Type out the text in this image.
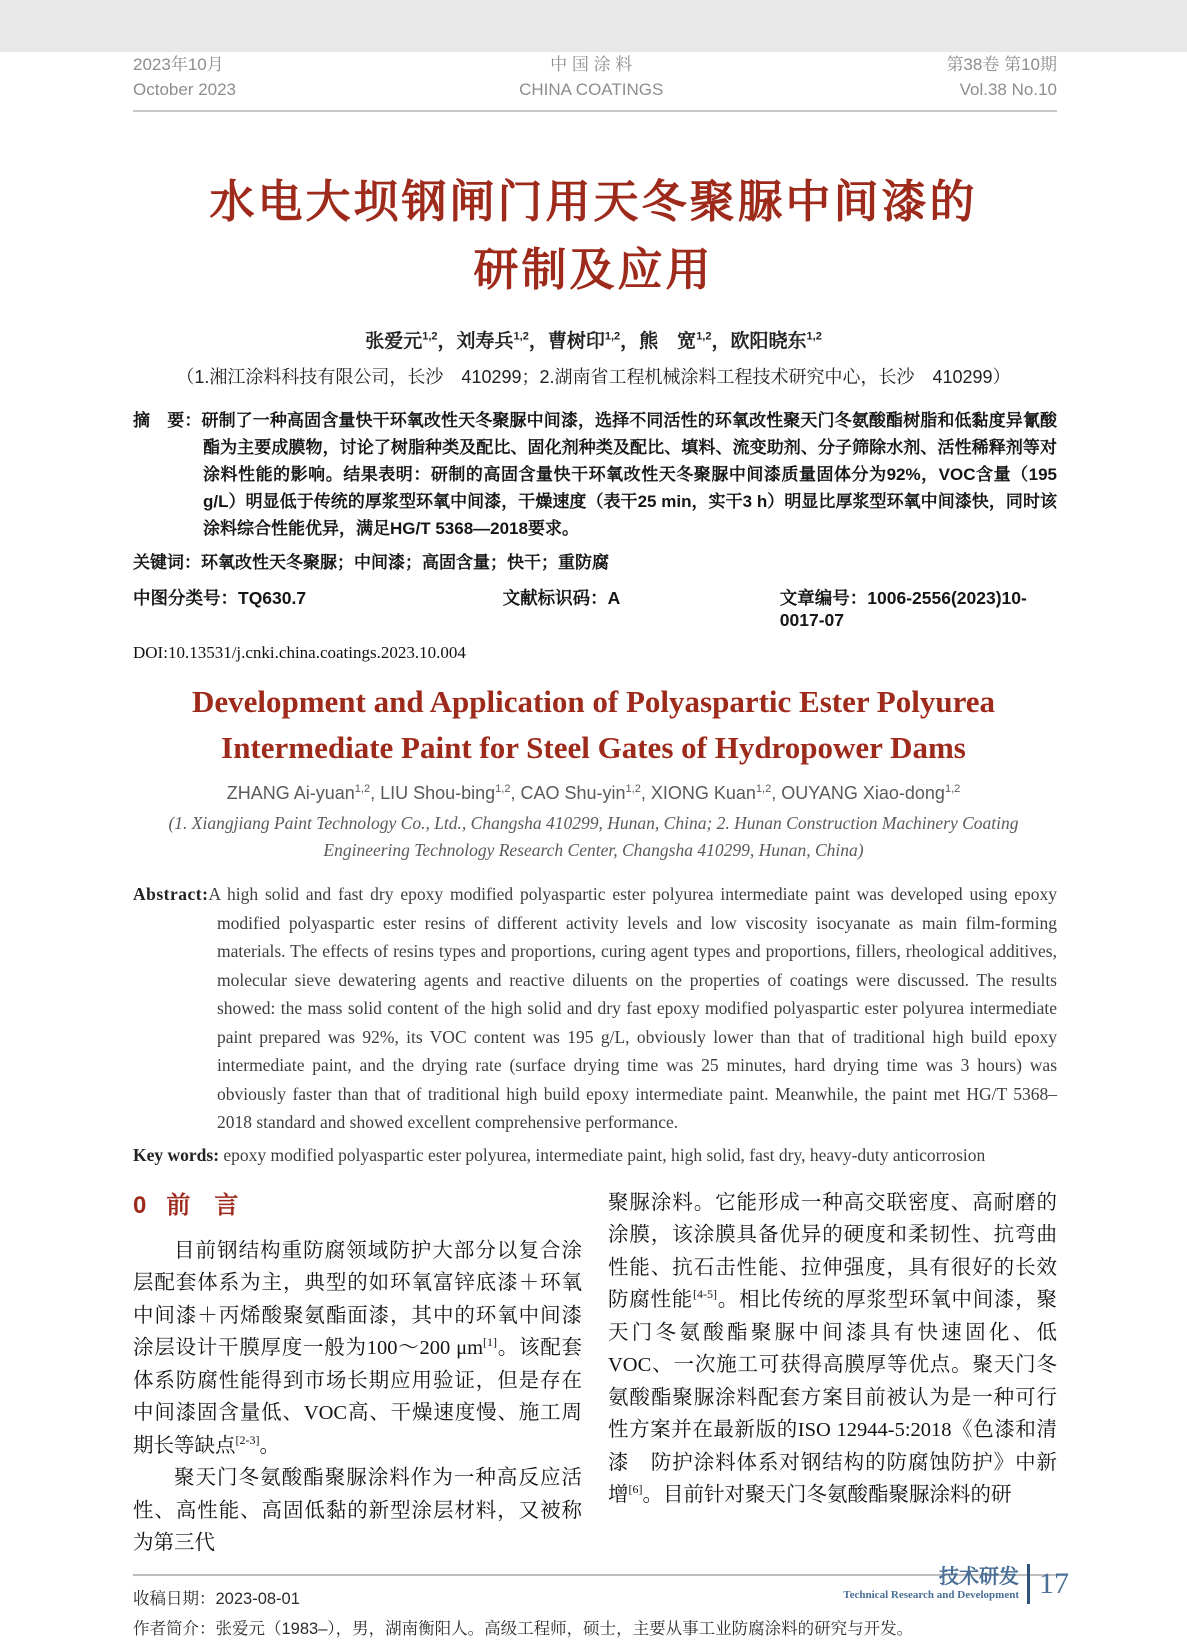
2023年10月
October 2023
中 国 涂 料
CHINA COATINGS
第38卷 第10期
Vol.38 No.10
水电大坝钢闸门用天冬聚脲中间漆的
研制及应用
张爱元$^{1,2}$，刘寿兵$^{1,2}$，曹树印$^{1,2}$，熊　宽$^{1,2}$，欧阳晓东$^{1,2}$
（1.湘江涂料科技有限公司，长沙　410299；2.湖南省工程机械涂料工程技术研究中心，长沙　410299）

摘　要：研制了一种高固含量快干环氧改性天冬聚脲中间漆，选择不同活性的环氧改性聚天门冬氨酸酯树脂和低黏度异氰酸酯为主要成膜物，讨论了树脂种类及配比、固化剂种类及配比、填料、流变助剂、分子筛除水剂、活性稀释剂等对涂料性能的影响。结果表明：研制的高固含量快干环氧改性天冬聚脲中间漆质量固体分为92%，VOC含量（195 g/L）明显低于传统的厚浆型环氧中间漆，干燥速度（表干25 min，实干3 h）明显比厚浆型环氧中间漆快，同时该涂料综合性能优异，满足HG/T 5368—2018要求。

关键词：环氧改性天冬聚脲；中间漆；高固含量；快干；重防腐

中图分类号：TQ630.7	文献标识码：A	文章编号：1006-2556(2023)10-0017-07
DOI:10.13531/j.cnki.china.coatings.2023.10.004
Development and Application of Polyaspartic Ester Polyurea
Intermediate Paint for Steel Gates of Hydropower Dams
ZHANG Ai-yuan$^{1,2}$, LIU Shou-bing$^{1,2}$, CAO Shu-yin$^{1,2}$, XIONG Kuan$^{1,2}$, OUYANG Xiao-dong$^{1,2}$
(1. Xiangjiang Paint Technology Co., Ltd., Changsha 410299, Hunan, China; 2. Hunan Construction Machinery Coating
Engineering Technology Research Center, Changsha 410299, Hunan, China)

Abstract:A high solid and fast dry epoxy modified polyaspartic ester polyurea intermediate paint was developed using epoxy modified polyaspartic ester resins of different activity levels and low viscosity isocyanate as main film-forming materials. The effects of resins types and proportions, curing agent types and proportions, fillers, rheological additives, molecular sieve dewatering agents and reactive diluents on the properties of coatings were discussed. The results showed: the mass solid content of the high solid and dry fast epoxy modified polyaspartic ester polyurea intermediate paint prepared was 92%, its VOC content was 195 g/L, obviously lower than that of traditional high build epoxy intermediate paint, and the drying rate (surface drying time was 25 minutes, hard drying time was 3 hours) was obviously faster than that of traditional high build epoxy intermediate paint. Meanwhile, the paint met HG/T 5368–2018 standard and showed excellent comprehensive performance.

Key words: epoxy modified polyaspartic ester polyurea, intermediate paint, high solid, fast dry, heavy-duty anticorrosion

0 前　言

目前钢结构重防腐领域防护大部分以复合涂层配套体系为主，典型的如环氧富锌底漆＋环氧中间漆＋丙烯酸聚氨酯面漆，其中的环氧中间漆涂层设计干膜厚度一般为100～200 μm[1]。该配套体系防腐性能得到市场长期应用验证，但是存在中间漆固含量低、VOC高、干燥速度慢、施工周期长等缺点[2-3]。

聚天门冬氨酸酯聚脲涂料作为一种高反应活性、高性能、高固低黏的新型涂层材料，又被称为第三代

聚脲涂料。它能形成一种高交联密度、高耐磨的涂膜，该涂膜具备优异的硬度和柔韧性、抗弯曲性能、抗石击性能、拉伸强度，具有很好的长效防腐性能[4-5]。相比传统的厚浆型环氧中间漆，聚天门冬氨酸酯聚脲中间漆具有快速固化、低VOC、一次施工可获得高膜厚等优点。聚天门冬氨酸酯聚脲涂料配套方案目前被认为是一种可行性方案并在最新版的ISO 12944-5:2018《色漆和清漆　防护涂料体系对钢结构的防腐蚀防护》中新增[6]。目前针对聚天门冬氨酸酯聚脲涂料的研

收稿日期：2023-08-01
作者简介：张爱元（1983–），男，湖南衡阳人。高级工程师，硕士，主要从事工业防腐涂料的研究与开发。
技术研发
Technical Research and Development 17
